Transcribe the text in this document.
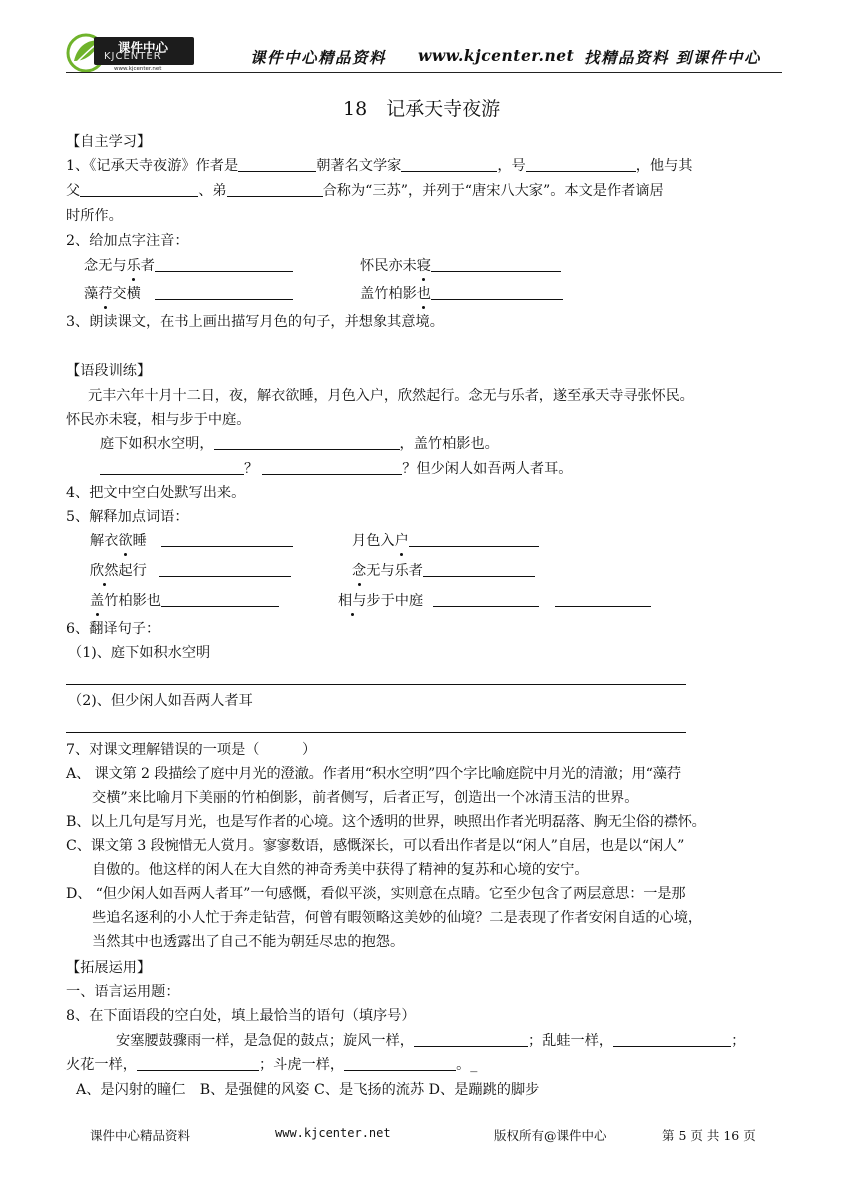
课件中心
KJCENTER
www.kjcenter.net
课件中心精品资料 www.kjcenter.net 找精品资料 到课件中心
18　记承天寺夜游
【自主学习】
1、《记承天寺夜游》作者是	朝著名文学家	，号	，他与其
父	、弟	合称为“三苏”，并列于“唐宋八大家”。本文是作者谪居
时所作。
2、给加点字注音：
念无与乐者	怀民亦未寝
藻荇交横	盖竹柏影也
3、朗读课文，在书上画出描写月色的句子，并想象其意境。
【语段训练】
元丰六年十月十二日，夜，解衣欲睡，月色入户，欣然起行。念无与乐者，遂至承天寺寻张怀民。
怀民亦未寝，相与步于中庭。
庭下如积水空明，	，盖竹柏影也。
？	？但少闲人如吾两人者耳。
4、把文中空白处默写出来。
5、解释加点词语：
解衣欲睡	月色入户
欣然起行	念无与乐者
盖竹柏影也	相与步于中庭
6、翻译句子：
（1)、庭下如积水空明
（2)、但少闲人如吾两人者耳
7、对课文理解错误的一项是（　　　）
A、 课文第 2 段描绘了庭中月光的澄澈。作者用“积水空明”四个字比喻庭院中月光的清澈；用“藻荇
交横”来比喻月下美丽的竹柏倒影，前者侧写，后者正写，创造出一个冰清玉洁的世界。
B、以上几句是写月光，也是写作者的心境。这个透明的世界，映照出作者光明磊落、胸无尘俗的襟怀。
C、课文第 3 段惋惜无人赏月。寥寥数语，感慨深长，可以看出作者是以“闲人”自居，也是以“闲人”
自傲的。他这样的闲人在大自然的神奇秀美中获得了精神的复苏和心境的安宁。
D、 “但少闲人如吾两人者耳”一句感慨，看似平淡，实则意在点睛。它至少包含了两层意思：一是那
些追名逐利的小人忙于奔走钻营，何曾有暇领略这美妙的仙境？二是表现了作者安闲自适的心境，
当然其中也透露出了自己不能为朝廷尽忠的抱怨。
【拓展运用】
一、语言运用题：
8、在下面语段的空白处，填上最恰当的语句（填序号）
安塞腰鼓骤雨一样，是急促的鼓点；旋风一样，	；乱蛙一样，	；
火花一样，	；斗虎一样，	。_
A、是闪射的瞳仁　B、是强健的风姿 C、是飞扬的流苏 D、是蹦跳的脚步
课件中心精品资料	www.kjcenter.net	版权所有@课件中心	第 5 页 共 16 页
